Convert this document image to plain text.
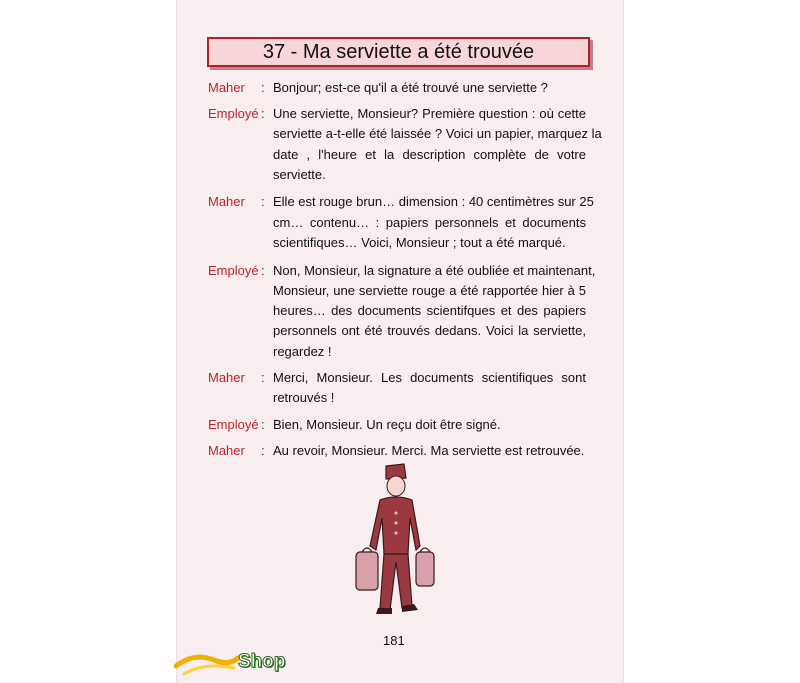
37 - Ma serviette a été trouvée
Maher : Bonjour; est-ce qu'il a été trouvé une serviette ?
Employé : Une serviette, Monsieur? Première question : où cette
serviette a-t-elle été laissée ? Voici un papier, marquez la
date , l'heure et la description complète de votre
serviette.
Maher : Elle est rouge brun… dimension : 40 centimètres sur 25
cm… contenu… : papiers personnels et documents
scientifiques… Voici, Monsieur ; tout a été marqué.
Employé : Non, Monsieur, la signature a été oubliée et maintenant,
Monsieur, une serviette rouge a été rapportée hier à 5
heures… des documents scientifques et des papiers
personnels ont été trouvés dedans. Voici la serviette,
regardez !
Maher : Merci, Monsieur. Les documents scientifiques sont
retrouvés !
Employé : Bien, Monsieur. Un reçu doit être signé.
Maher : Au revoir, Monsieur. Merci. Ma serviette est retrouvée.
181
Shop
